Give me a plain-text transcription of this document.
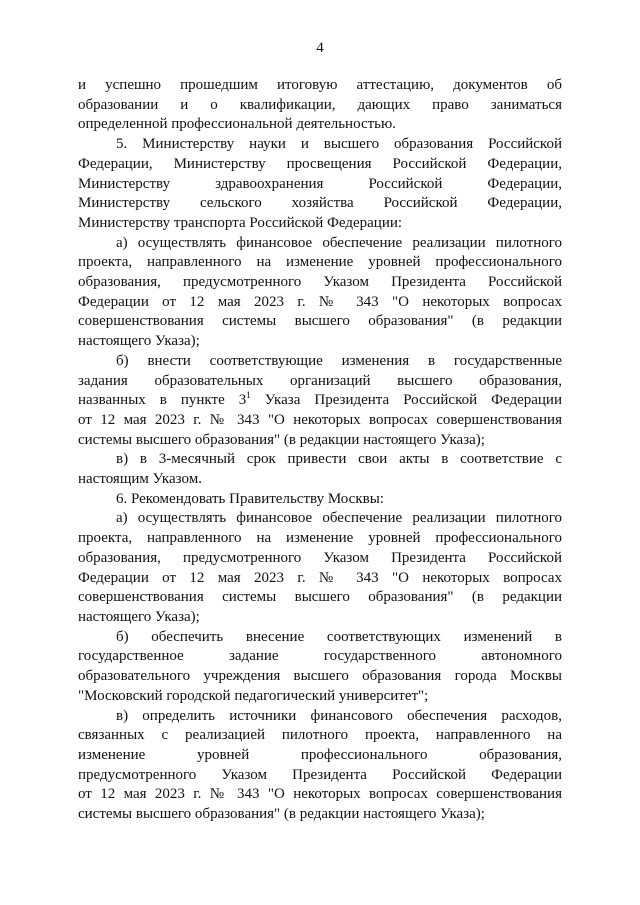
4

и успешно прошедшим итоговую аттестацию, документов об
образовании и о квалификации, дающих право заниматься
определенной профессиональной деятельностью.

5. Министерству науки и высшего образования Российской
Федерации, Министерству просвещения Российской Федерации,
Министерству здравоохранения Российской Федерации,
Министерству сельского хозяйства Российской Федерации,
Министерству транспорта Российской Федерации:

а) осуществлять финансовое обеспечение реализации пилотного
проекта, направленного на изменение уровней профессионального
образования, предусмотренного Указом Президента Российской
Федерации от 12 мая 2023 г. № 343 "О некоторых вопросах
совершенствования системы высшего образования" (в редакции
настоящего Указа);

б) внести соответствующие изменения в государственные
задания образовательных организаций высшего образования,
названных в пункте $3^1$ Указа Президента Российской Федерации
от 12 мая 2023 г. № 343 "О некоторых вопросах совершенствования
системы высшего образования" (в редакции настоящего Указа);

в) в 3-месячный срок привести свои акты в соответствие с
настоящим Указом.

6. Рекомендовать Правительству Москвы:

а) осуществлять финансовое обеспечение реализации пилотного
проекта, направленного на изменение уровней профессионального
образования, предусмотренного Указом Президента Российской
Федерации от 12 мая 2023 г. № 343 "О некоторых вопросах
совершенствования системы высшего образования" (в редакции
настоящего Указа);

б) обеспечить внесение соответствующих изменений в
государственное задание государственного автономного
образовательного учреждения высшего образования города Москвы
"Московский городской педагогический университет";

в) определить источники финансового обеспечения расходов,
связанных с реализацией пилотного проекта, направленного на
изменение уровней профессионального образования,
предусмотренного Указом Президента Российской Федерации
от 12 мая 2023 г. № 343 "О некоторых вопросах совершенствования
системы высшего образования" (в редакции настоящего Указа);
